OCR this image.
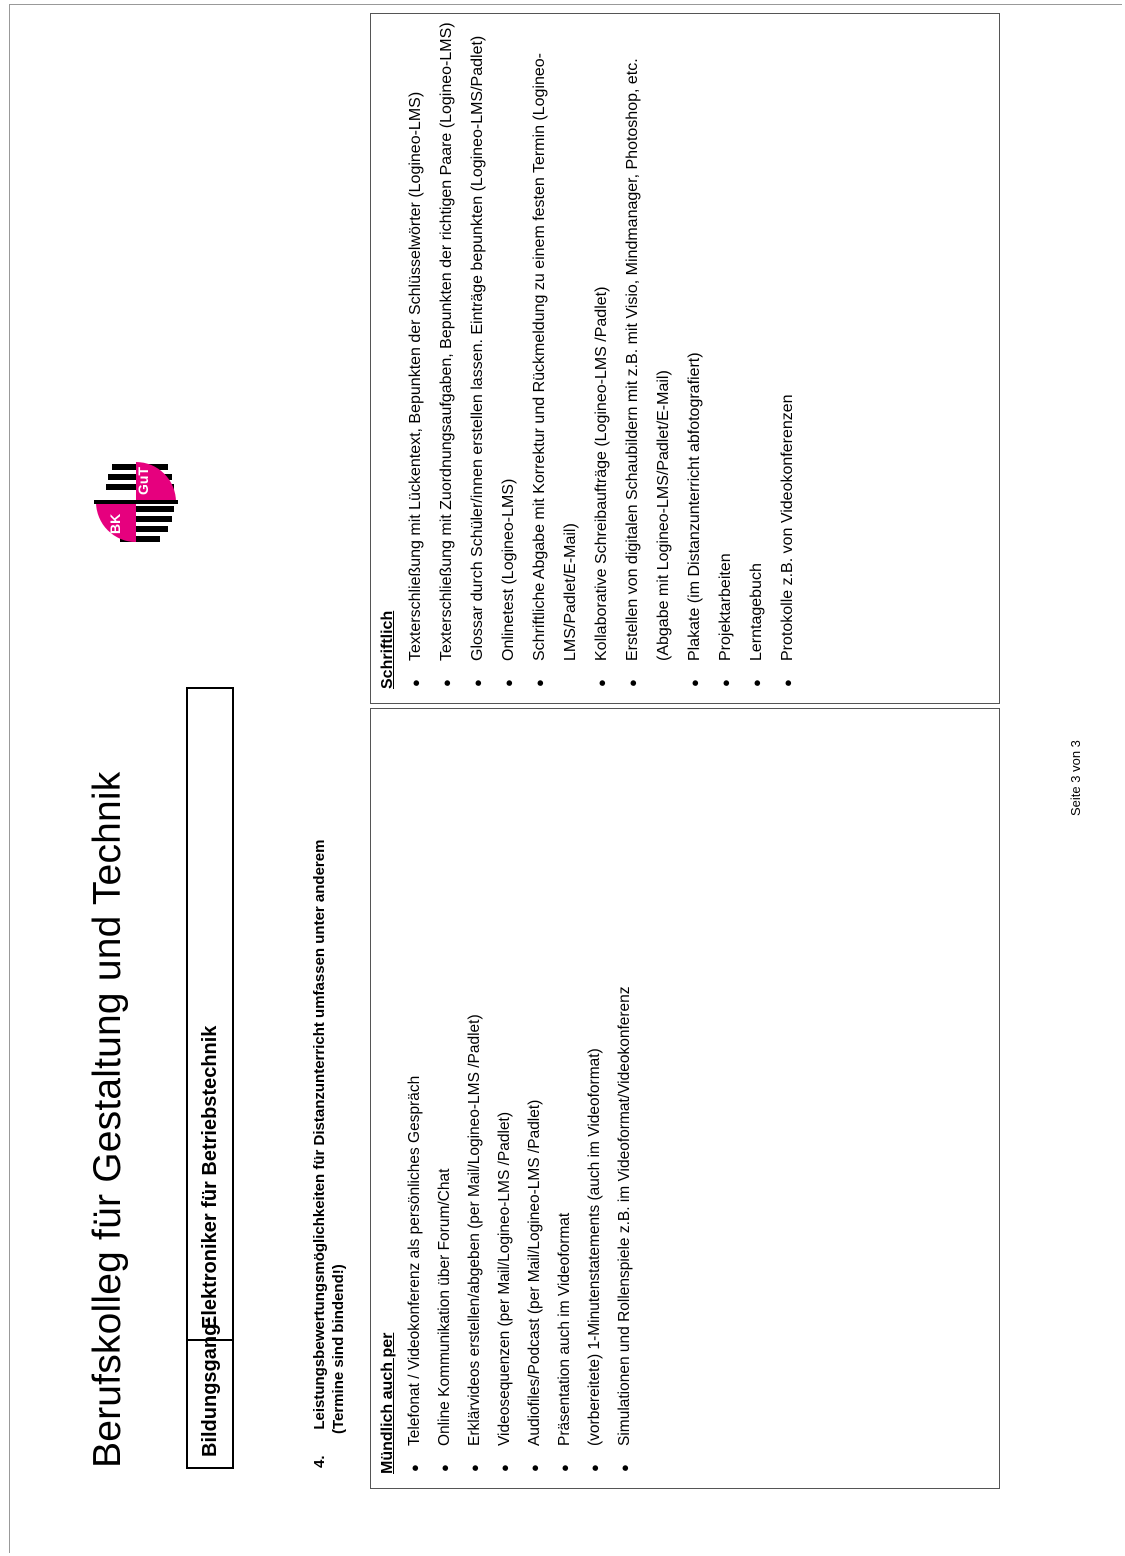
Berufskolleg für Gestaltung und Technik
BK
GuT
Bildungsgang:
Elektroniker für Betriebstechnik
4.  Leistungsbewertungsmöglichkeiten für Distanzunterricht umfassen unter anderem (Termine sind bindend!) Mündlich auch per ●
Telefonat / Videokonferenz als persönliches Gespräch
●
Online Kommunikation über Forum/Chat
●
Erklärvideos erstellen/abgeben (per Mail/Logineo-LMS /Padlet)
●
Videosequenzen (per Mail/Logineo-LMS /Padlet)
●
Audiofiles/Podcast (per Mail/Logineo-LMS /Padlet)
●
Präsentation auch im Videoformat
●
(vorbereitete) 1-Minutenstatements (auch im Videoformat)
●
Simulationen und Rollenspiele z.B. im Videoformat/Videokonferenz
Schriftlich ●
Texterschließung mit Lückentext, Bepunkten der Schlüsselwörter (Logineo-LMS)
●
Texterschließung mit Zuordnungsaufgaben, Bepunkten der richtigen Paare (Logineo-LMS)
●
Glossar durch Schüler/innen erstellen lassen. Einträge bepunkten (Logineo-LMS/Padlet)
●
Onlinetest (Logineo-LMS)
●
Schriftliche Abgabe mit Korrektur und Rückmeldung zu einem festen Termin (Logineo-LMS/Padlet/E-Mail)
●
Kollaborative Schreibaufträge (Logineo-LMS /Padlet)
●
Erstellen von digitalen Schaubildern mit z.B. mit Visio, Mindmanager, Photoshop, etc. (Abgabe mit Logineo-LMS/Padlet/E-Mail)
●
Plakate (im Distanzunterricht abfotografiert)
●
Projektarbeiten
●
Lerntagebuch
●
Protokolle z.B. von Videokonferenzen
Seite 3 von 3
